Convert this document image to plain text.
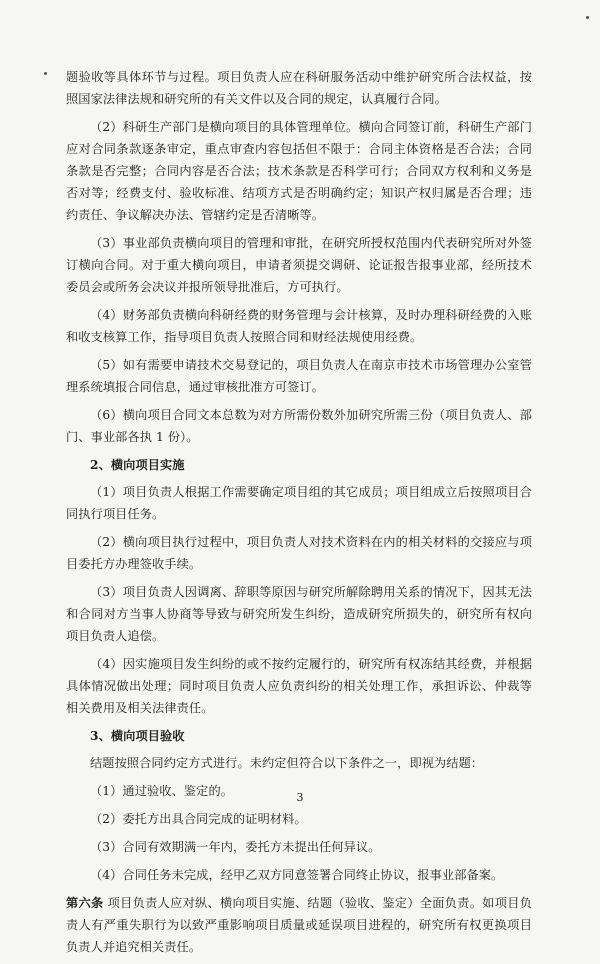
题验收等具体环节与过程。项目负责人应在科研服务活动中维护研究所合法权益，按照国家法律法规和研究所的有关文件以及合同的规定，认真履行合同。

（2）科研生产部门是横向项目的具体管理单位。横向合同签订前，科研生产部门应对合同条款逐条审定，重点审查内容包括但不限于：合同主体资格是否合法；合同条款是否完整；合同内容是否合法；技术条款是否科学可行；合同双方权利和义务是否对等；经费支付、验收标准、结项方式是否明确约定；知识产权归属是否合理；违约责任、争议解决办法、管辖约定是否清晰等。

（3）事业部负责横向项目的管理和审批，在研究所授权范围内代表研究所对外签订横向合同。对于重大横向项目，申请者须提交调研、论证报告报事业部，经所技术委员会或所务会决议并报所领导批准后，方可执行。

（4）财务部负责横向科研经费的财务管理与会计核算，及时办理科研经费的入账和收支核算工作，指导项目负责人按照合同和财经法规使用经费。

（5）如有需要申请技术交易登记的，项目负责人在南京市技术市场管理办公室管理系统填报合同信息，通过审核批准方可签订。

（6）横向项目合同文本总数为对方所需份数外加研究所需三份（项目负责人、部门、事业部各执 1 份）。

2、横向项目实施

（1）项目负责人根据工作需要确定项目组的其它成员；项目组成立后按照项目合同执行项目任务。

（2）横向项目执行过程中，项目负责人对技术资料在内的相关材料的交接应与项目委托方办理签收手续。

（3）项目负责人因调离、辞职等原因与研究所解除聘用关系的情况下，因其无法和合同对方当事人协商等导致与研究所发生纠纷，造成研究所损失的，研究所有权向项目负责人追偿。

（4）因实施项目发生纠纷的或不按约定履行的，研究所有权冻结其经费，并根据具体情况做出处理；同时项目负责人应负责纠纷的相关处理工作，承担诉讼、仲裁等相关费用及相关法律责任。

3、横向项目验收

结题按照合同约定方式进行。未约定但符合以下条件之一，即视为结题：

（1）通过验收、鉴定的。

（2）委托方出具合同完成的证明材料。

（3）合同有效期满一年内，委托方未提出任何异议。

（4）合同任务未完成，经甲乙双方同意签署合同终止协议，报事业部备案。

第六条 项目负责人应对纵、横向项目实施、结题（验收、鉴定）全面负责。如项目负责人有严重失职行为以致严重影响项目质量或延误项目进程的，研究所有权更换项目负责人并追究相关责任。

3
